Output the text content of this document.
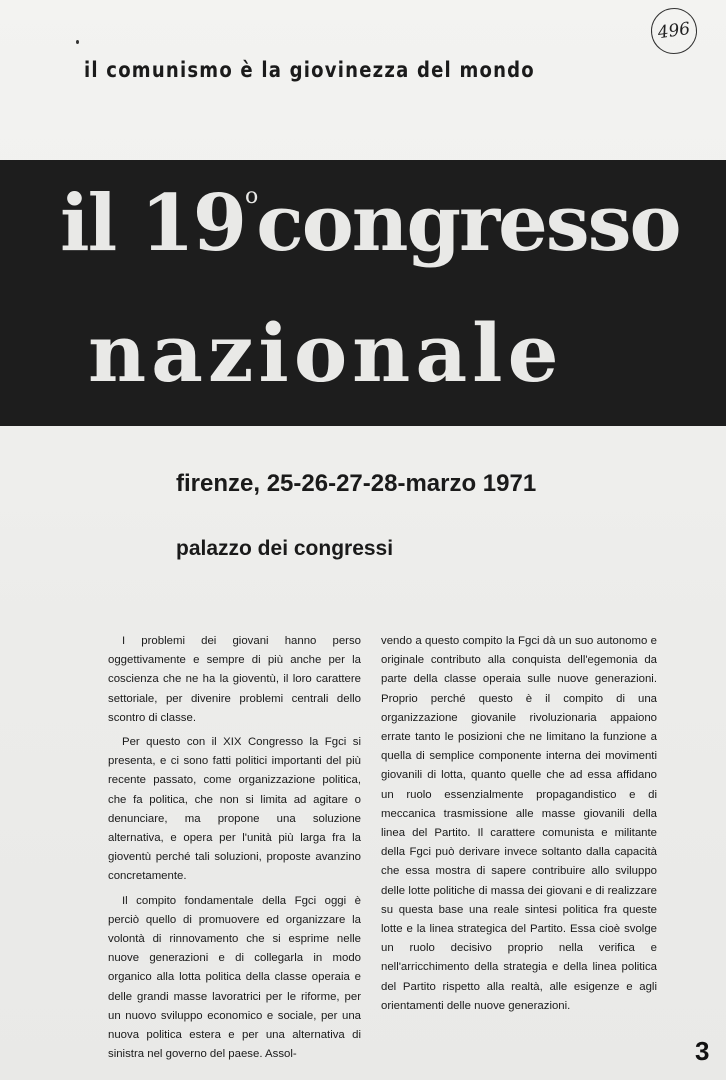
496
il comunismo è la giovinezza del mondo
il 19$^o$congresso
nazionale
firenze, 25-26-27-28-marzo 1971
palazzo dei congressi

I problemi dei giovani hanno perso oggettivamente e sempre di più anche per la coscienza che ne ha la gioventù, il loro carattere settoriale, per divenire problemi centrali dello scontro di classe.

Per questo con il XIX Congresso la Fgci si presenta, e ci sono fatti politici importanti del più recente passato, come organizzazione politica, che fa politica, che non si limita ad agitare o denunciare, ma propone una soluzione alternativa, e opera per l'unità più larga fra la gioventù perché tali soluzioni, proposte avanzino concretamente.

Il compito fondamentale della Fgci oggi è perciò quello di promuovere ed organizzare la volontà di rinnovamento che si esprime nelle nuove generazioni e di collegarla in modo organico alla lotta politica della classe operaia e delle grandi masse lavoratrici per le riforme, per un nuovo sviluppo economico e sociale, per una nuova politica estera e per una alternativa di sinistra nel governo del paese. Assol-

vendo a questo compito la Fgci dà un suo autonomo e originale contributo alla conquista dell'egemonia da parte della classe operaia sulle nuove generazioni. Proprio perché questo è il compito di una organizzazione giovanile rivoluzionaria appaiono errate tanto le posizioni che ne limitano la funzione a quella di semplice componente interna dei movimenti giovanili di lotta, quanto quelle che ad essa affidano un ruolo essenzialmente propagandistico e di meccanica trasmissione alle masse giovanili della linea del Partito. Il carattere comunista e militante della Fgci può derivare invece soltanto dalla capacità che essa mostra di sapere contribuire allo sviluppo delle lotte politiche di massa dei giovani e di realizzare su questa base una reale sintesi politica fra queste lotte e la linea strategica del Partito. Essa cioè svolge un ruolo decisivo proprio nella verifica e nell'arricchimento della strategia e della linea politica del Partito rispetto alla realtà, alle esigenze e agli orientamenti delle nuove generazioni.

3
